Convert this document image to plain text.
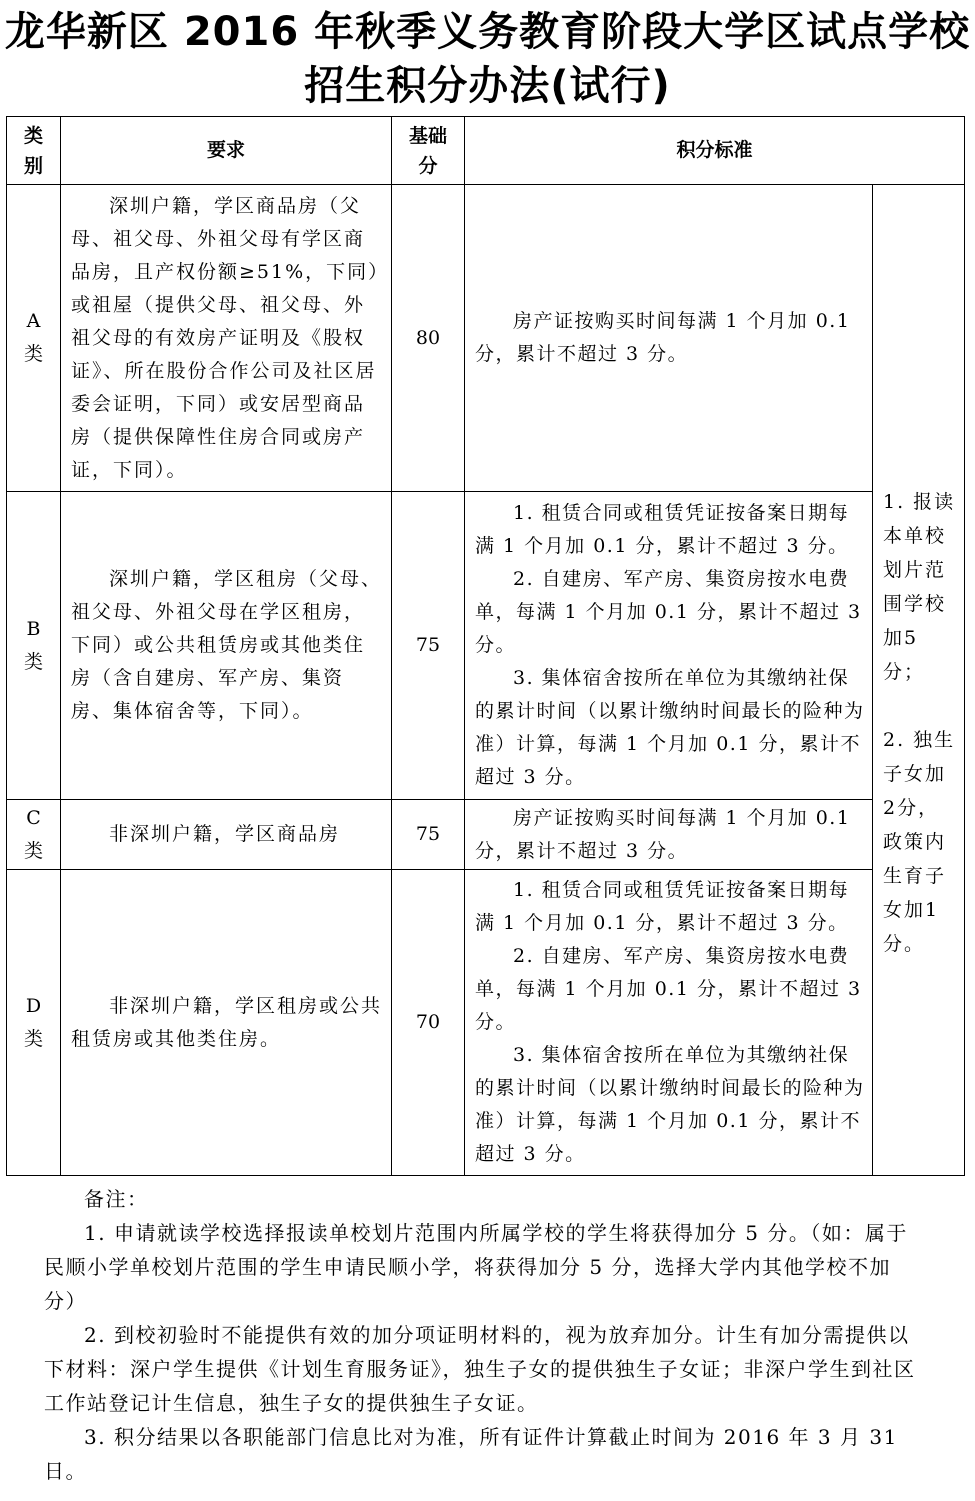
龙华新区 2016 年秋季义务教育阶段大学区试点学校
招生积分办法(试行)
类别	要求	基础分	积分标准	
A类	深圳户籍，学区商品房（父母、祖父母、外祖父母有学区商品房，且产权份额≥51%，下同）或祖屋（提供父母、祖父母、外祖父母的有效房产证明及《股权证》、所在股份合作公司及社区居委会证明，下同）或安居型商品房（提供保障性住房合同或房产证，下同）。	80	房产证按购买时间每满 1 个月加 0.1 分，累计不超过 3 分。	1. 报读本单校划片范围学校加5分；

2. 独生子女加2分，政策内生育子女加1分。

B类	深圳户籍，学区租房（父母、祖父母、外祖父母在学区租房，下同）或公共租赁房或其他类住房（含自建房、军产房、集资房、集体宿舍等，下同）。	75	1. 租赁合同或租赁凭证按备案日期每满 1 个月加 0.1 分，累计不超过 3 分。

2. 自建房、军产房、集资房按水电费单，每满 1 个月加 0.1 分，累计不超过 3 分。

3. 集体宿舍按所在单位为其缴纳社保的累计时间（以累计缴纳时间最长的险种为准）计算，每满 1 个月加 0.1 分，累计不超过 3 分。	

C类	非深圳户籍，学区商品房	75	房产证按购买时间每满 1 个月加 0.1 分，累计不超过 3 分。	

D类	非深圳户籍，学区租房或公共租赁房或其他类住房。	70	1. 租赁合同或租赁凭证按备案日期每满 1 个月加 0.1 分，累计不超过 3 分。

2. 自建房、军产房、集资房按水电费单，每满 1 个月加 0.1 分，累计不超过 3 分。

3. 集体宿舍按所在单位为其缴纳社保的累计时间（以累计缴纳时间最长的险种为准）计算，每满 1 个月加 0.1 分，累计不超过 3 分。	

备注：

1. 申请就读学校选择报读单校划片范围内所属学校的学生将获得加分 5 分。（如：属于民顺小学单校划片范围的学生申请民顺小学，将获得加分 5 分，选择大学内其他学校不加分）

2. 到校初验时不能提供有效的加分项证明材料的，视为放弃加分。计生有加分需提供以下材料：深户学生提供《计划生育服务证》，独生子女的提供独生子女证；非深户学生到社区工作站登记计生信息，独生子女的提供独生子女证。

3. 积分结果以各职能部门信息比对为准，所有证件计算截止时间为 2016 年 3 月 31 日。
